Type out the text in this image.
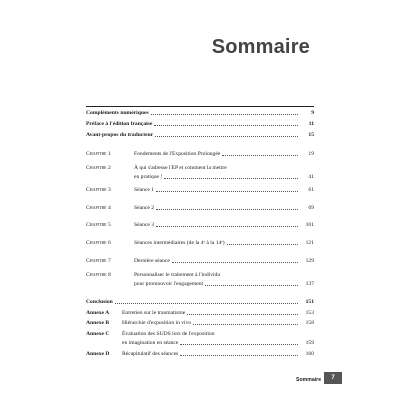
Sommaire
Compléments numériques	9
Préface à l'édition française	11
Avant-propos du traducteur	15
Chapitre 1	Fondements de l'Exposition Prolongée	19
Chapitre 2	À qui s'adresse l'EP et comment la mettre
en pratique !	41
Chapitre 3	Séance 1	61
Chapitre 4	Séance 2	69
Chapitre 5	Séance 3	101
Chapitre 6	Séances intermédiaires (de la 4ᵉ à la 14ᵉ)	121
Chapitre 7	Dernière séance	129
Chapitre 8	Personnaliser le traitement à l'individu
pour promouvoir l'engagement	137
Conclusion	151
Annexe A	Entretien sur le traumatisme	153
Annexe B	Hiérarchie d'exposition in vivo	158
Annexe C	Évaluation des SUDS lors de l'exposition
en imagination en séance	159
Annexe D	Récapitulatif des séances	160
Sommaire	7
